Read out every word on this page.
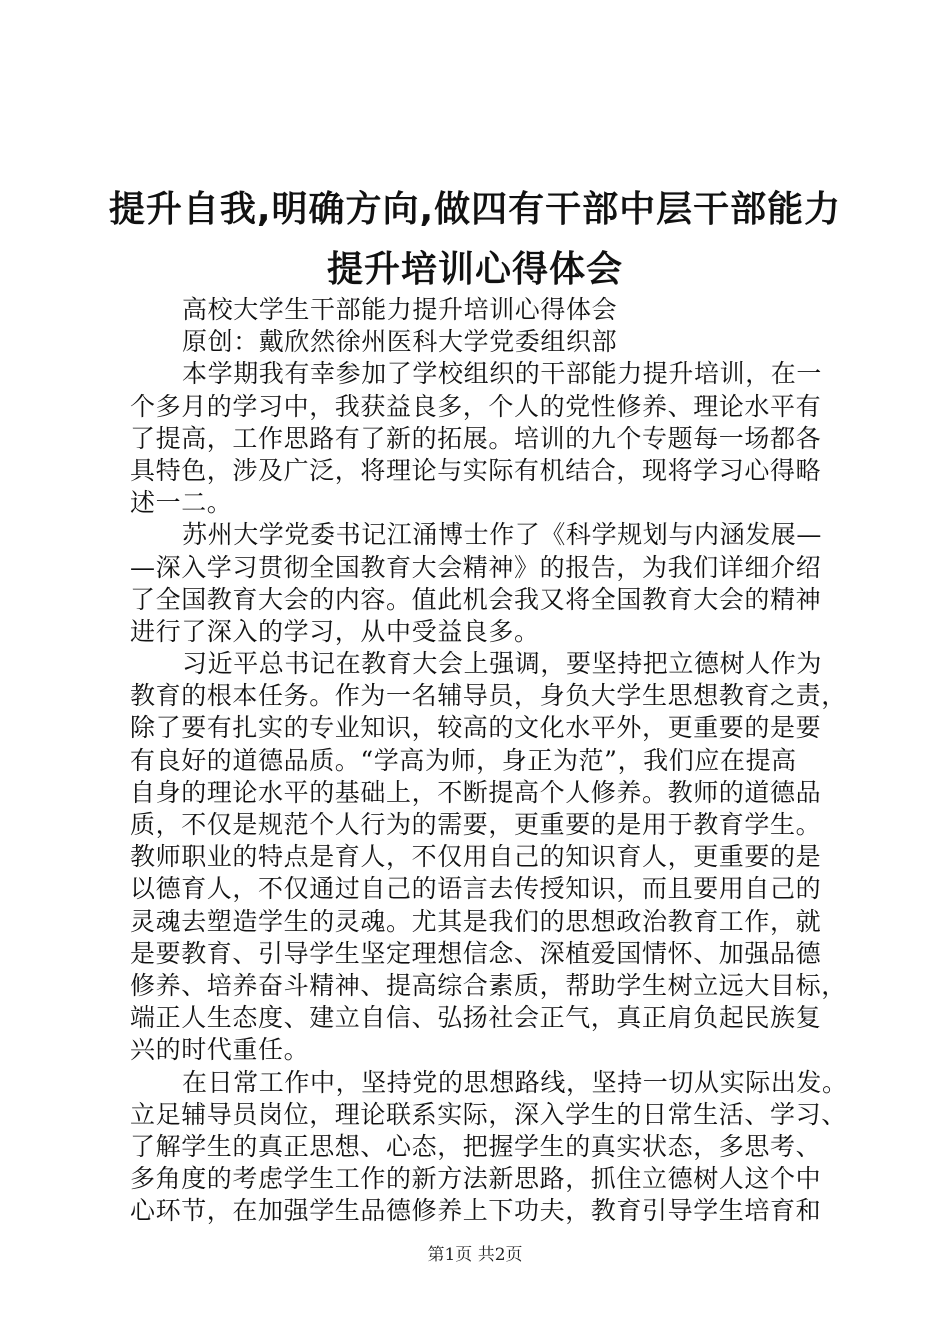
提升自我,明确方向,做四有干部中层干部能力
提升培训心得体会
高校大学生干部能力提升培训心得体会
原创：戴欣然徐州医科大学党委组织部
本学期我有幸参加了学校组织的干部能力提升培训，在一
个多月的学习中，我获益良多，个人的党性修养、理论水平有
了提高，工作思路有了新的拓展。培训的九个专题每一场都各
具特色，涉及广泛，将理论与实际有机结合，现将学习心得略
述一二。
苏州大学党委书记江涌博士作了《科学规划与内涵发展—
—深入学习贯彻全国教育大会精神》的报告，为我们详细介绍
了全国教育大会的内容。值此机会我又将全国教育大会的精神
进行了深入的学习，从中受益良多。
习近平总书记在教育大会上强调，要坚持把立德树人作为
教育的根本任务。作为一名辅导员，身负大学生思想教育之责，
除了要有扎实的专业知识，较高的文化水平外，更重要的是要
有良好的道德品质。“学高为师，身正为范”，我们应在提高
自身的理论水平的基础上，不断提高个人修养。教师的道德品
质，不仅是规范个人行为的需要，更重要的是用于教育学生。
教师职业的特点是育人，不仅用自己的知识育人，更重要的是
以德育人，不仅通过自己的语言去传授知识，而且要用自己的
灵魂去塑造学生的灵魂。尤其是我们的思想政治教育工作，就
是要教育、引导学生坚定理想信念、深植爱国情怀、加强品德
修养、培养奋斗精神、提高综合素质，帮助学生树立远大目标，
端正人生态度、建立自信、弘扬社会正气，真正肩负起民族复
兴的时代重任。
在日常工作中，坚持党的思想路线，坚持一切从实际出发。
立足辅导员岗位，理论联系实际，深入学生的日常生活、学习、
了解学生的真正思想、心态，把握学生的真实状态，多思考、
多角度的考虑学生工作的新方法新思路，抓住立德树人这个中
心环节，在加强学生品德修养上下功夫，教育引导学生培育和
第1页 共2页
